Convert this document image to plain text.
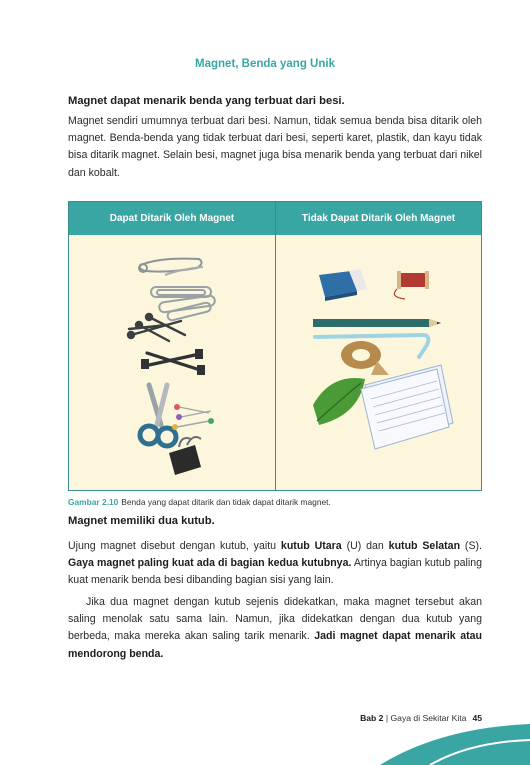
Magnet, Benda yang Unik
Magnet dapat menarik benda yang terbuat dari besi.

Magnet sendiri umumnya terbuat dari besi. Namun, tidak semua benda bisa ditarik oleh magnet. Benda-benda yang tidak terbuat dari besi, seperti karet, plastik, dan kayu tidak bisa ditarik magnet. Selain besi, magnet juga bisa menarik benda yang terbuat dari nikel dan kobalt.

Dapat Ditarik Oleh Magnet	Tidak Dapat Ditarik Oleh Magnet
Gambar 2.10 Benda yang dapat ditarik dan tidak dapat ditarik magnet.
Magnet memiliki dua kutub.

Ujung magnet disebut dengan kutub, yaitu kutub Utara (U) dan kutub Selatan (S). Gaya magnet paling kuat ada di bagian kedua kutubnya. Artinya bagian kutub paling kuat menarik benda besi dibanding bagian sisi yang lain.

Jika dua magnet dengan kutub sejenis didekatkan, maka magnet tersebut akan saling menolak satu sama lain. Namun, jika didekatkan dengan dua kutub yang berbeda, maka mereka akan saling tarik menarik. Jadi magnet dapat menarik atau mendorong benda.

Bab 2 | Gaya di Sekitar Kita 45
